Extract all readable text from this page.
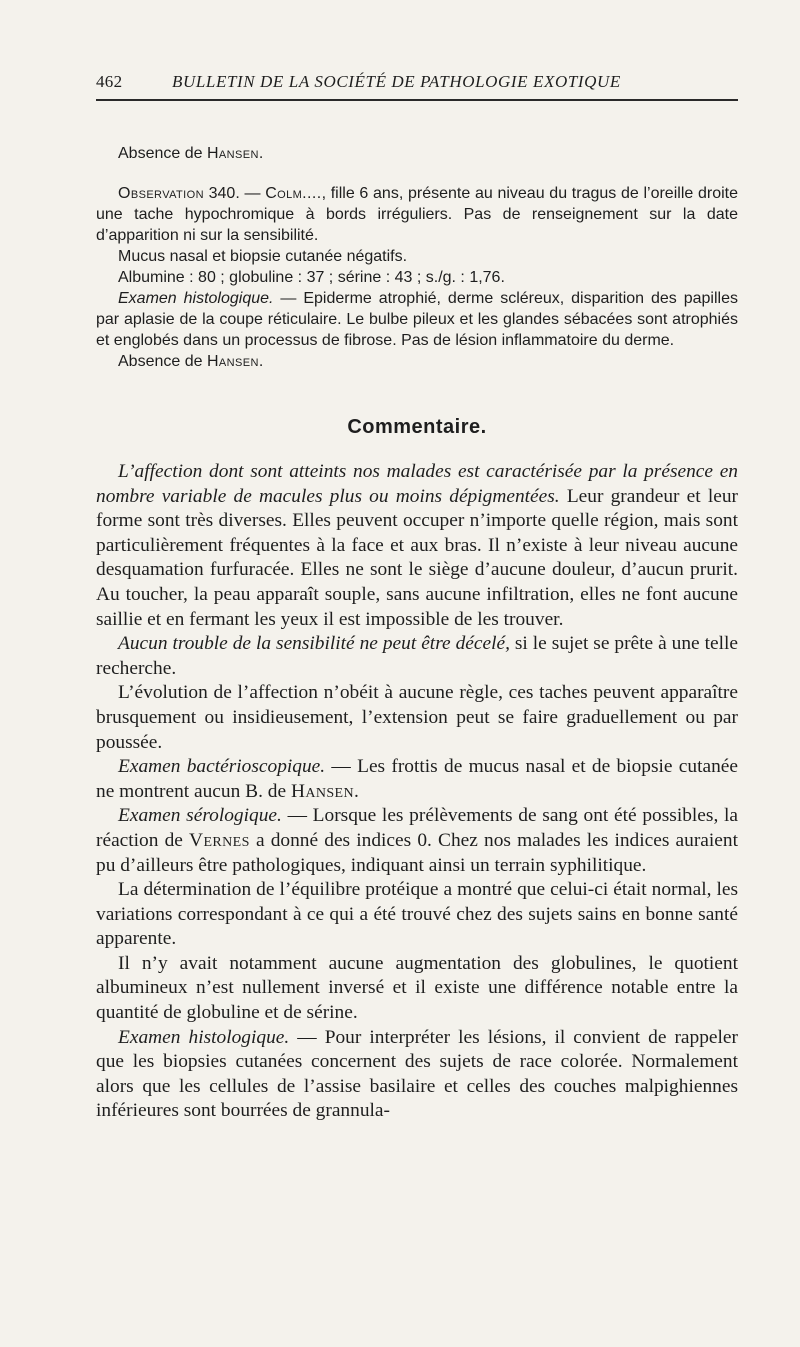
462	BULLETIN DE LA SOCIÉTÉ DE PATHOLOGIE EXOTIQUE
Absence de Hansen.
Observation 340. — Colm...., fille 6 ans, présente au niveau du tragus de l’oreille droite une tache hypochromique à bords irréguliers. Pas de renseignement sur la date d’apparition ni sur la sensibilité.
Mucus nasal et biopsie cutanée négatifs.
Albumine : 80 ; globuline : 37 ; sérine : 43 ; s./g. : 1,76.
Examen histologique. — Epiderme atrophié, derme scléreux, disparition des papilles par aplasie de la coupe réticulaire. Le bulbe pileux et les glandes sébacées sont atrophiés et englobés dans un processus de fibrose. Pas de lésion inflammatoire du derme.
Absence de Hansen.
Commentaire.

L’affection dont sont atteints nos malades est caractérisée par la présence en nombre variable de macules plus ou moins dépigmentées. Leur grandeur et leur forme sont très diverses. Elles peuvent occuper n’importe quelle région, mais sont particulièrement fréquentes à la face et aux bras. Il n’existe à leur niveau aucune desquamation furfuracée. Elles ne sont le siège d’aucune douleur, d’aucun prurit. Au toucher, la peau apparaît souple, sans aucune infiltration, elles ne font aucune saillie et en fermant les yeux il est impossible de les trouver.

Aucun trouble de la sensibilité ne peut être décelé, si le sujet se prête à une telle recherche.

L’évolution de l’affection n’obéit à aucune règle, ces taches peuvent apparaître brusquement ou insidieusement, l’extension peut se faire graduellement ou par poussée.

Examen bactérioscopique. — Les frottis de mucus nasal et de biopsie cutanée ne montrent aucun B. de Hansen.

Examen sérologique. — Lorsque les prélèvements de sang ont été possibles, la réaction de Vernes a donné des indices 0. Chez nos malades les indices auraient pu d’ailleurs être pathologiques, indiquant ainsi un terrain syphilitique.

La détermination de l’équilibre protéique a montré que celui-ci était normal, les variations correspondant à ce qui a été trouvé chez des sujets sains en bonne santé apparente.

Il n’y avait notamment aucune augmentation des globulines, le quotient albumineux n’est nullement inversé et il existe une différence notable entre la quantité de globuline et de sérine.

Examen histologique. — Pour interpréter les lésions, il convient de rappeler que les biopsies cutanées concernent des sujets de race colorée. Normalement alors que les cellules de l’assise basilaire et celles des couches malpighiennes inférieures sont bourrées de grannula-
